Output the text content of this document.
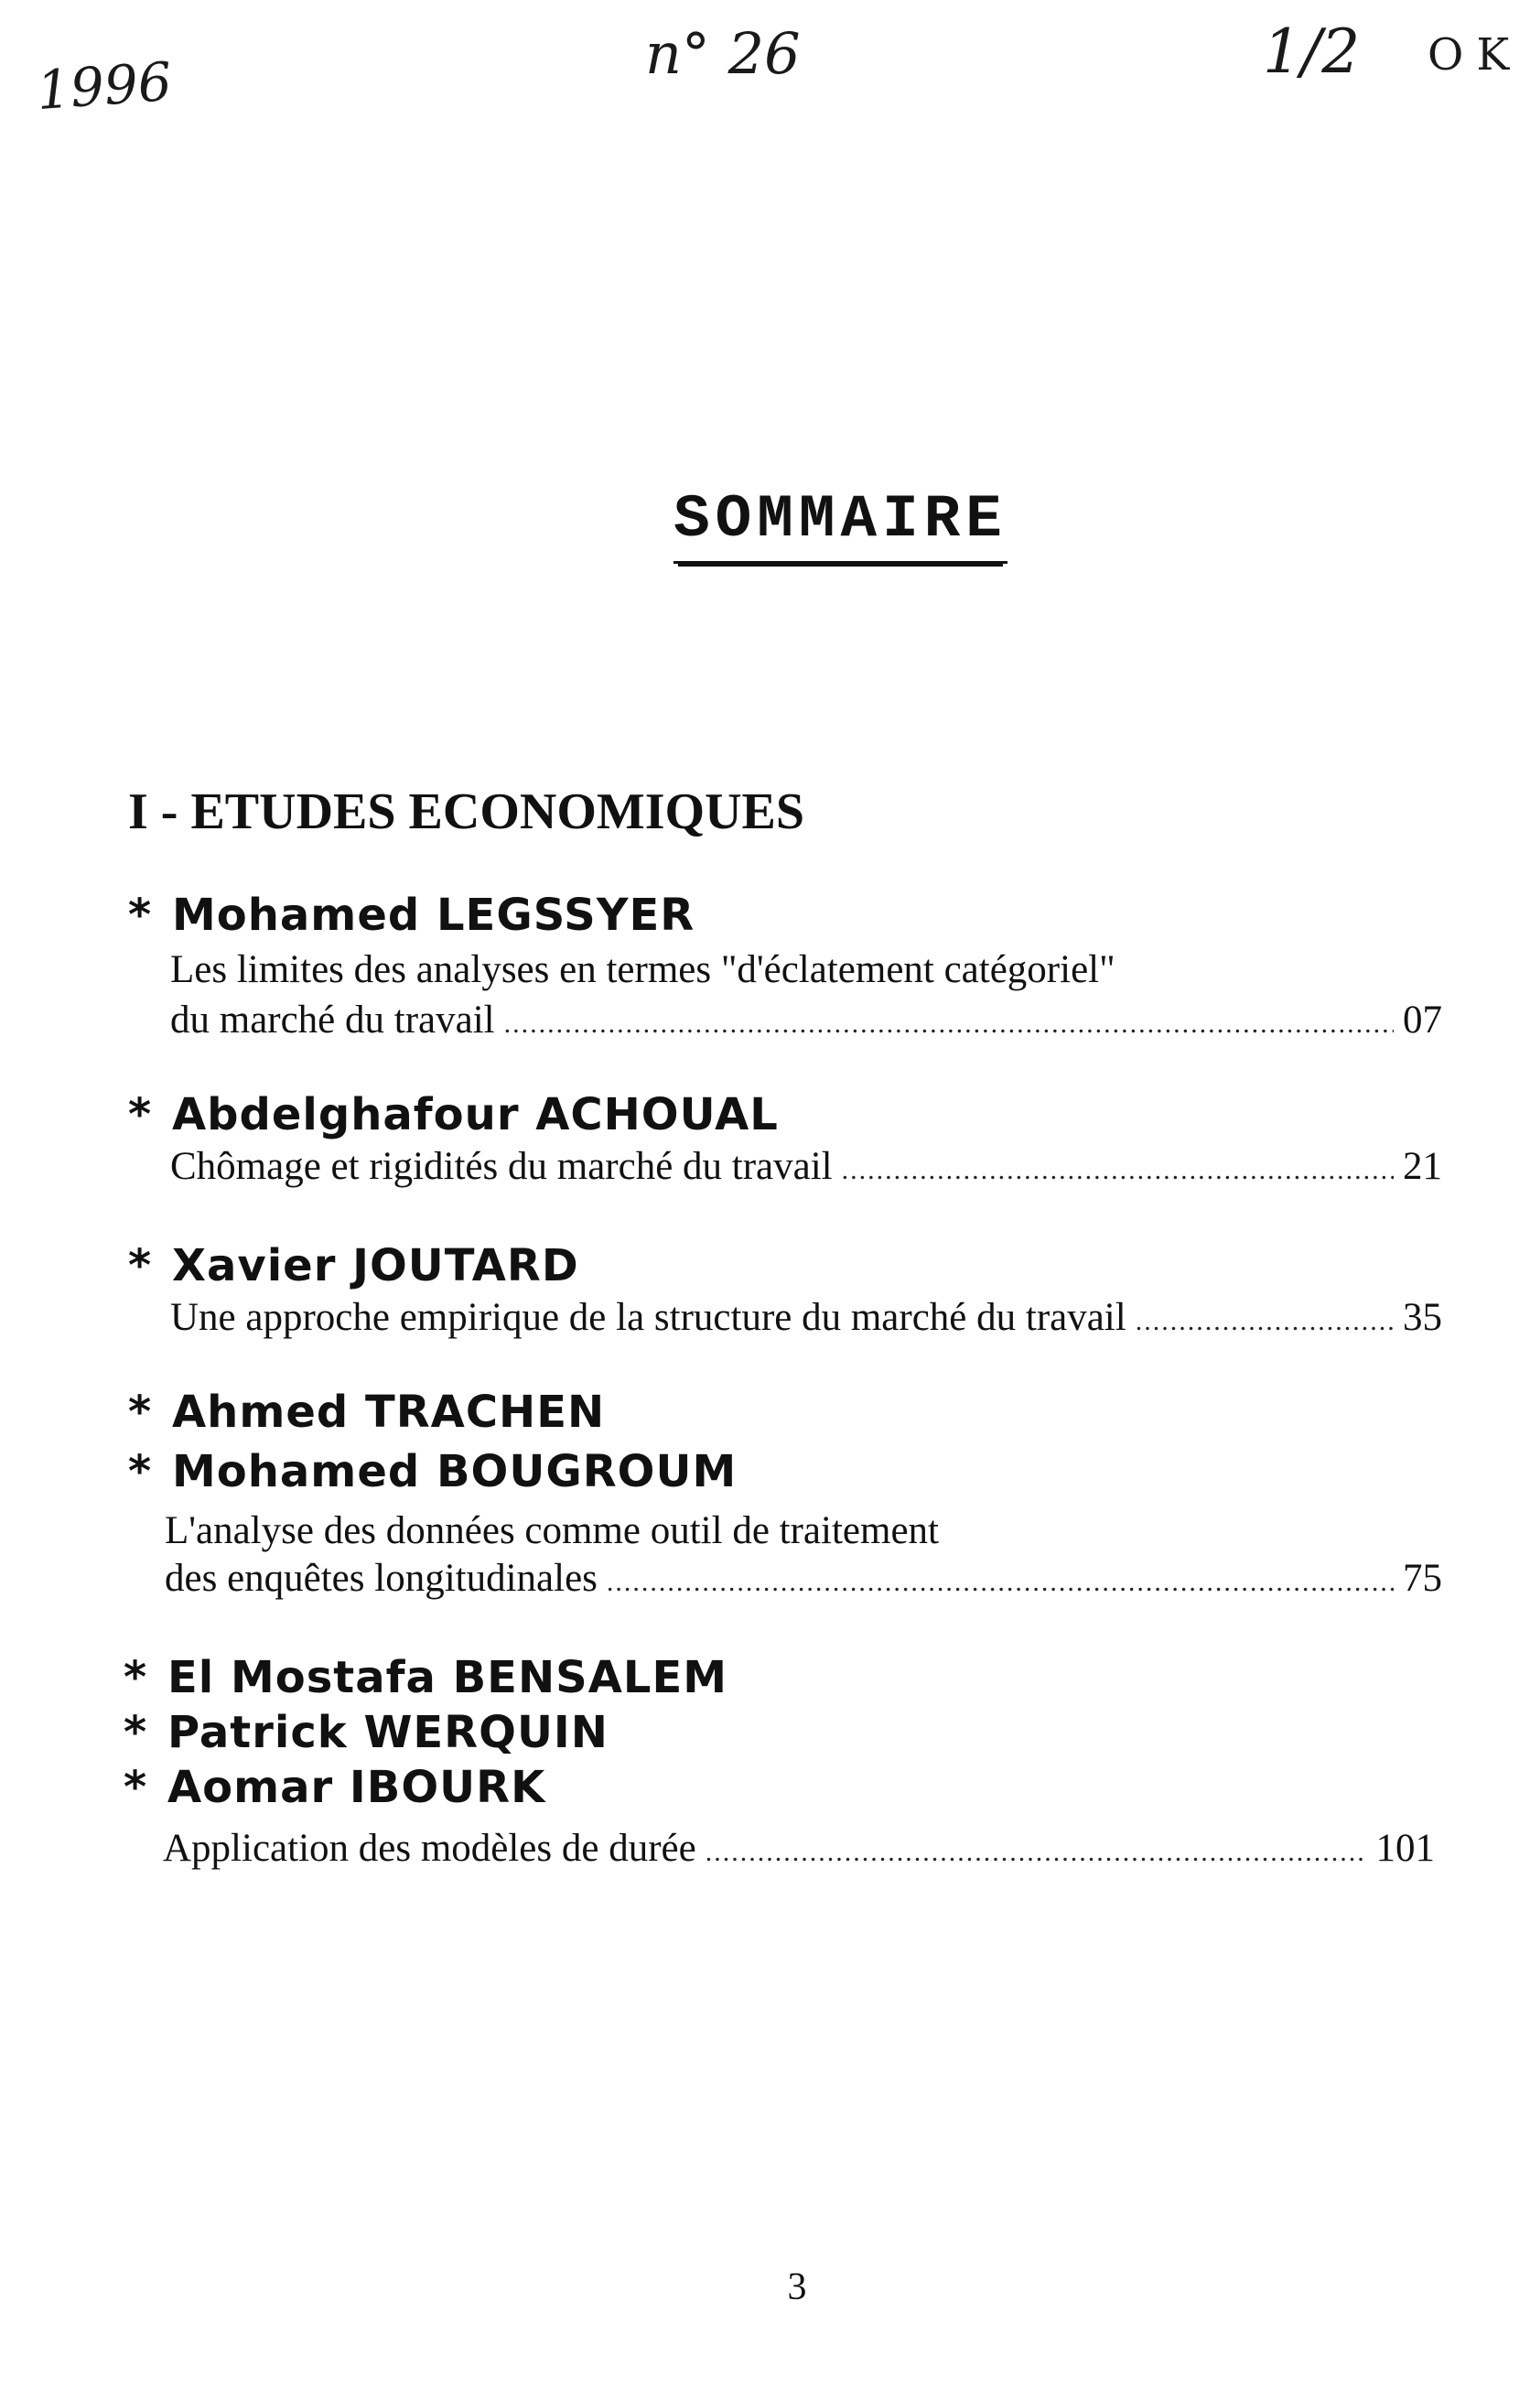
1996	n° 26	1/2 OK
SOMMAIRE
I - ETUDES ECONOMIQUES
* Mohamed LEGSSYER
Les limites des analyses en termes "d'éclatement catégoriel"
du marché du travail .....	07
* Abdelghafour ACHOUAL
Chômage et rigidités du marché du travail .....	21
* Xavier JOUTARD
Une approche empirique de la structure du marché du travail .....	35
* Ahmed TRACHEN
* Mohamed BOUGROUM
L'analyse des données comme outil de traitement
des enquêtes longitudinales .....	75
* El Mostafa BENSALEM
* Patrick WERQUIN
* Aomar IBOURK
Application des modèles de durée .....	101
3
